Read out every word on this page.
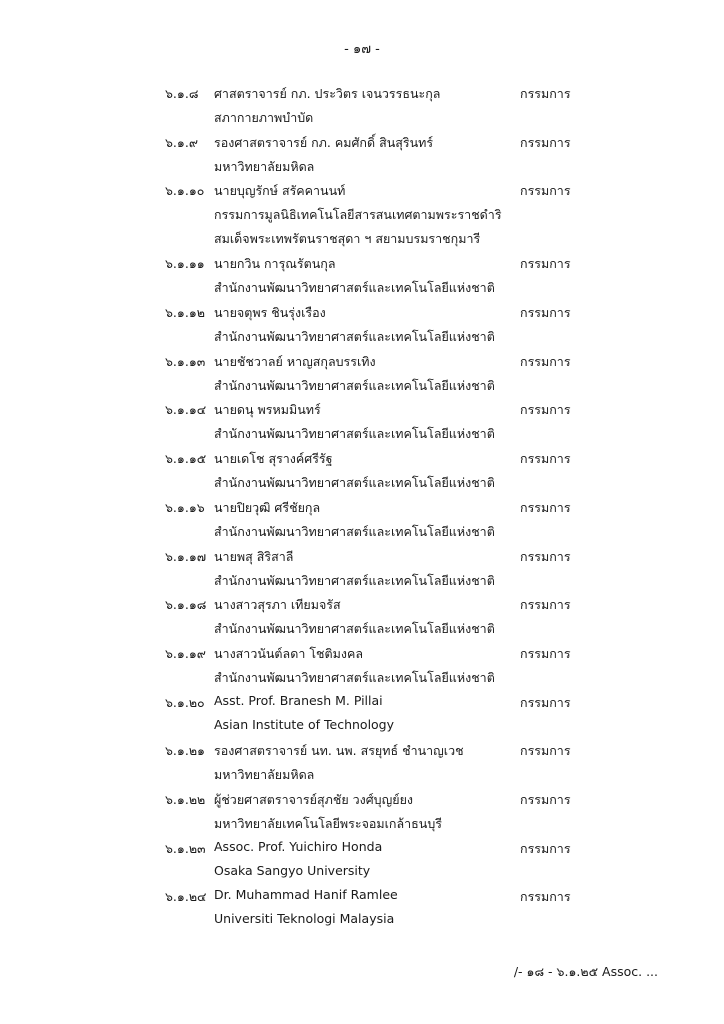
- ๑๗ -
๖.๑.๘ ศาสตราจารย์ กภ. ประวิตร เจนวรรธนะกุล	กรรมการ
สภากายภาพบำบัด
๖.๑.๙ รองศาสตราจารย์ กภ. คมศักดิ์ สินสุรินทร์	กรรมการ
มหาวิทยาลัยมหิดล
๖.๑.๑๐ นายบุญรักษ์ สรัคคานนท์	กรรมการ
กรรมการมูลนิธิเทคโนโลยีสารสนเทศตามพระราชดำริ
สมเด็จพระเทพรัตนราชสุดา ฯ สยามบรมราชกุมารี
๖.๑.๑๑ นายกวิน การุณรัตนกุล	กรรมการ
สำนักงานพัฒนาวิทยาศาสตร์และเทคโนโลยีแห่งชาติ
๖.๑.๑๒ นายจตุพร ชินรุ่งเรือง	กรรมการ
สำนักงานพัฒนาวิทยาศาสตร์และเทคโนโลยีแห่งชาติ
๖.๑.๑๓ นายชัชวาลย์ หาญสกุลบรรเทิง	กรรมการ
สำนักงานพัฒนาวิทยาศาสตร์และเทคโนโลยีแห่งชาติ
๖.๑.๑๔ นายดนุ พรหมมินทร์	กรรมการ
สำนักงานพัฒนาวิทยาศาสตร์และเทคโนโลยีแห่งชาติ
๖.๑.๑๕ นายเดโช สุรางค์ศรีรัฐ	กรรมการ
สำนักงานพัฒนาวิทยาศาสตร์และเทคโนโลยีแห่งชาติ
๖.๑.๑๖ นายปิยวุฒิ ศรีชัยกุล	กรรมการ
สำนักงานพัฒนาวิทยาศาสตร์และเทคโนโลยีแห่งชาติ
๖.๑.๑๗ นายพสุ สิริสาลี	กรรมการ
สำนักงานพัฒนาวิทยาศาสตร์และเทคโนโลยีแห่งชาติ
๖.๑.๑๘ นางสาวสุรภา เทียมจรัส	กรรมการ
สำนักงานพัฒนาวิทยาศาสตร์และเทคโนโลยีแห่งชาติ
๖.๑.๑๙ นางสาวนันต์ลดา โชติมงคล	กรรมการ
สำนักงานพัฒนาวิทยาศาสตร์และเทคโนโลยีแห่งชาติ
๖.๑.๒๐ Asst. Prof. Branesh M. Pillai	กรรมการ
Asian Institute of Technology
๖.๑.๒๑ รองศาสตราจารย์ นท. นพ. สรยุทธ์ ชำนาญเวช	กรรมการ
มหาวิทยาลัยมหิดล
๖.๑.๒๒ ผู้ช่วยศาสตราจารย์สุภชัย วงศ์บุญย์ยง	กรรมการ
มหาวิทยาลัยเทคโนโลยีพระจอมเกล้าธนบุรี
๖.๑.๒๓ Assoc. Prof. Yuichiro Honda	กรรมการ
Osaka Sangyo University
๖.๑.๒๔ Dr. Muhammad Hanif Ramlee	กรรมการ
Universiti Teknologi Malaysia
/- ๑๘ - ๖.๑.๒๕ Assoc. ...
